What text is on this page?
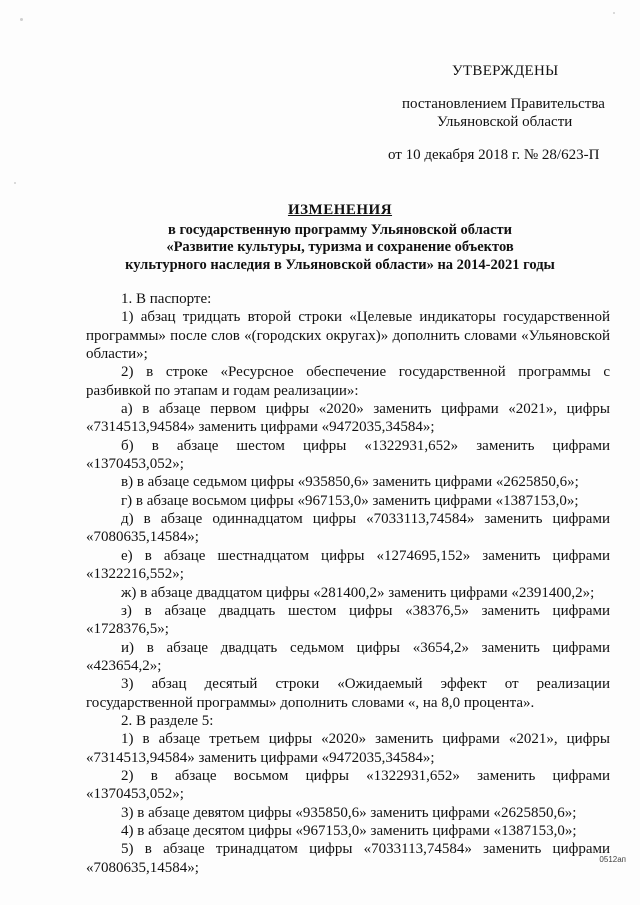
УТВЕРЖДЕНЫ
постановлением Правительства
Ульяновской области
от 10 декабря 2018 г. № 28/623-П
ИЗМЕНЕНИЯ
в государственную программу Ульяновской области
«Развитие культуры, туризма и сохранение объектов
культурного наследия в Ульяновской области» на 2014-2021 годы

1. В паспорте:

1) абзац тридцать второй строки «Целевые индикаторы государственной программы» после слов «(городских округах)» дополнить словами «Ульяновской области»;

2) в строке «Ресурсное обеспечение государственной программы с разбивкой по этапам и годам реализации»:

а) в абзаце первом цифры «2020» заменить цифрами «2021», цифры «7314513,94584» заменить цифрами «9472035,34584»;

б) в абзаце шестом цифры «1322931,652» заменить цифрами «1370453,052»;

в) в абзаце седьмом цифры «935850,6» заменить цифрами «2625850,6»;

г) в абзаце восьмом цифры «967153,0» заменить цифрами «1387153,0»;

д) в абзаце одиннадцатом цифры «7033113,74584» заменить цифрами «7080635,14584»;

е) в абзаце шестнадцатом цифры «1274695,152» заменить цифрами «1322216,552»;

ж) в абзаце двадцатом цифры «281400,2» заменить цифрами «2391400,2»;

з) в абзаце двадцать шестом цифры «38376,5» заменить цифрами «1728376,5»;

и) в абзаце двадцать седьмом цифры «3654,2» заменить цифрами «423654,2»;

3) абзац десятый строки «Ожидаемый эффект от реализации государственной программы» дополнить словами «, на 8,0 процента».

2. В разделе 5:

1) в абзаце третьем цифры «2020» заменить цифрами «2021», цифры «7314513,94584» заменить цифрами «9472035,34584»;

2) в абзаце восьмом цифры «1322931,652» заменить цифрами «1370453,052»;

3) в абзаце девятом цифры «935850,6» заменить цифрами «2625850,6»;

4) в абзаце десятом цифры «967153,0» заменить цифрами «1387153,0»;

5) в абзаце тринадцатом цифры «7033113,74584» заменить цифрами «7080635,14584»;

0512ап
